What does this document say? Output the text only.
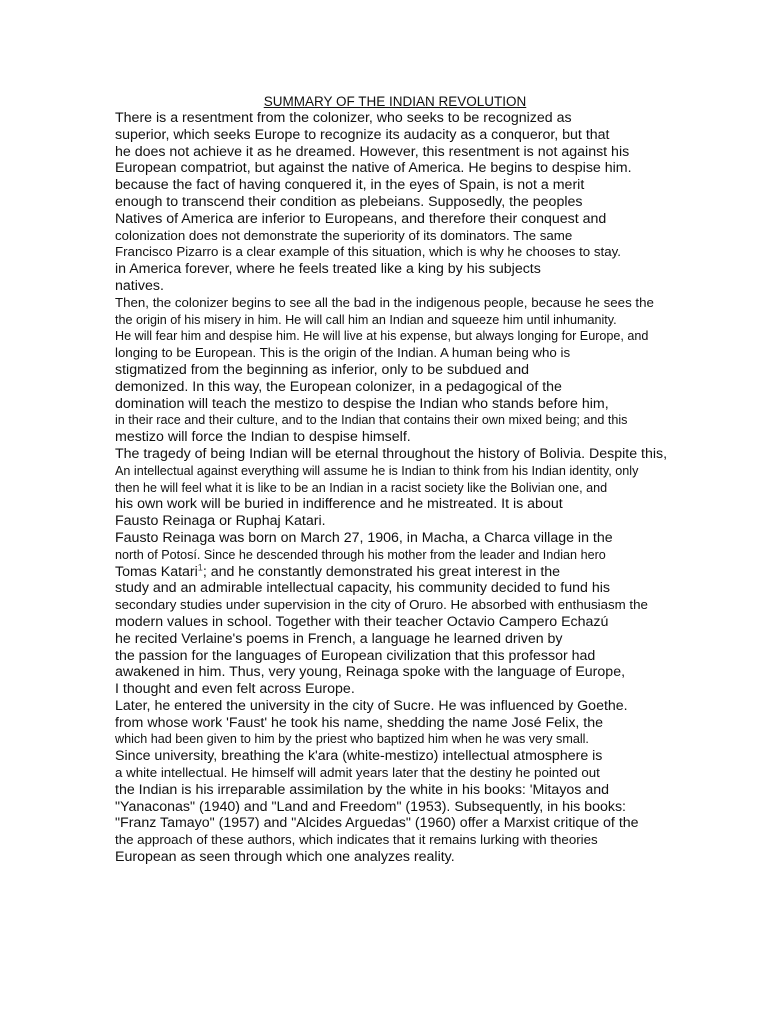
SUMMARY OF THE INDIAN REVOLUTION
There is a resentment from the colonizer, who seeks to be recognized as
superior, which seeks Europe to recognize its audacity as a conqueror, but that
he does not achieve it as he dreamed. However, this resentment is not against his
European compatriot, but against the native of America. He begins to despise him.
because the fact of having conquered it, in the eyes of Spain, is not a merit
enough to transcend their condition as plebeians. Supposedly, the peoples
Natives of America are inferior to Europeans, and therefore their conquest and
colonization does not demonstrate the superiority of its dominators. The same
Francisco Pizarro is a clear example of this situation, which is why he chooses to stay.
in America forever, where he feels treated like a king by his subjects
natives.
Then, the colonizer begins to see all the bad in the indigenous people, because he sees the
the origin of his misery in him. He will call him an Indian and squeeze him until inhumanity.
He will fear him and despise him. He will live at his expense, but always longing for Europe, and
longing to be European. This is the origin of the Indian. A human being who is
stigmatized from the beginning as inferior, only to be subdued and
demonized. In this way, the European colonizer, in a pedagogical of the
domination will teach the mestizo to despise the Indian who stands before him,
in their race and their culture, and to the Indian that contains their own mixed being; and this
mestizo will force the Indian to despise himself.
The tragedy of being Indian will be eternal throughout the history of Bolivia. Despite this,
An intellectual against everything will assume he is Indian to think from his Indian identity, only
then he will feel what it is like to be an Indian in a racist society like the Bolivian one, and
his own work will be buried in indifference and he mistreated. It is about
Fausto Reinaga or Ruphaj Katari.
Fausto Reinaga was born on March 27, 1906, in Macha, a Charca village in the
north of Potosí. Since he descended through his mother from the leader and Indian hero
Tomas Katari$^1$; and he constantly demonstrated his great interest in the
study and an admirable intellectual capacity, his community decided to fund his
secondary studies under supervision in the city of Oruro. He absorbed with enthusiasm the
modern values in school. Together with their teacher Octavio Campero Echazú
he recited Verlaine's poems in French, a language he learned driven by
the passion for the languages of European civilization that this professor had
awakened in him. Thus, very young, Reinaga spoke with the language of Europe,
I thought and even felt across Europe.
Later, he entered the university in the city of Sucre. He was influenced by Goethe.
from whose work 'Faust' he took his name, shedding the name José Felix, the
which had been given to him by the priest who baptized him when he was very small.
Since university, breathing the k'ara (white-mestizo) intellectual atmosphere is
a white intellectual. He himself will admit years later that the destiny he pointed out
the Indian is his irreparable assimilation by the white in his books: 'Mitayos and
"Yanaconas" (1940) and "Land and Freedom" (1953). Subsequently, in his books:
"Franz Tamayo" (1957) and "Alcides Arguedas" (1960) offer a Marxist critique of the
the approach of these authors, which indicates that it remains lurking with theories
European as seen through which one analyzes reality.
